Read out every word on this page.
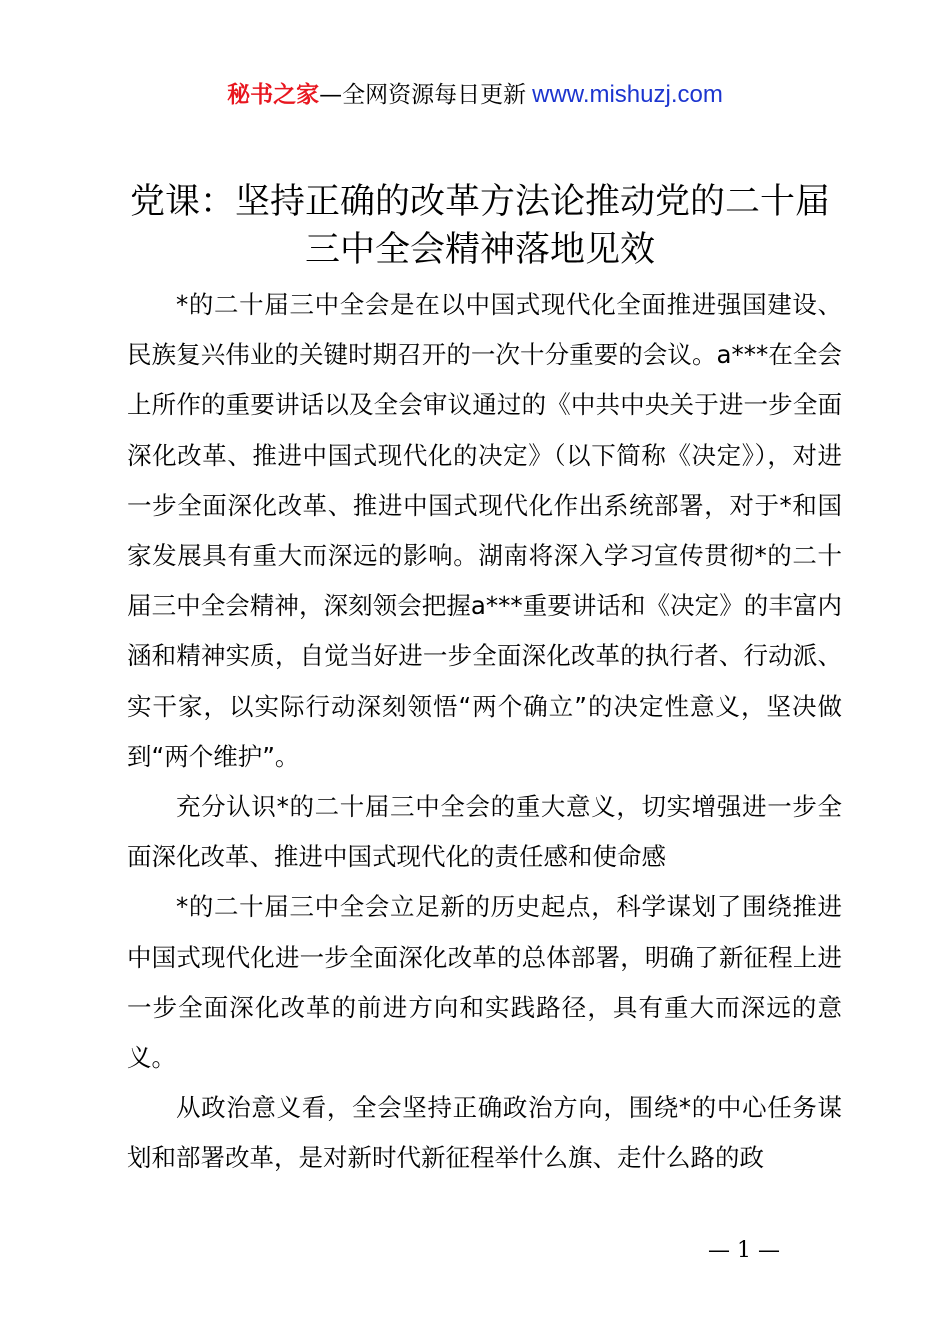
秘书之家—全网资源每日更新 www.mishuzj.com
党课：坚持正确的改革方法论推动党的二十届
三中全会精神落地见效

*的二十届三中全会是在以中国式现代化全面推进强国建设、民族复兴伟业的关键时期召开的一次十分重要的会议。a***在全会上所作的重要讲话以及全会审议通过的《中共中央关于进一步全面深化改革、推进中国式现代化的决定》（以下简称《决定》），对进一步全面深化改革、推进中国式现代化作出系统部署，对于*和国家发展具有重大而深远的影响。湖南将深入学习宣传贯彻*的二十届三中全会精神，深刻领会把握a***重要讲话和《决定》的丰富内涵和精神实质，自觉当好进一步全面深化改革的执行者、行动派、实干家，以实际行动深刻领悟“两个确立”的决定性意义，坚决做到“两个维护”。

充分认识*的二十届三中全会的重大意义，切实增强进一步全面深化改革、推进中国式现代化的责任感和使命感

*的二十届三中全会立足新的历史起点，科学谋划了围绕推进中国式现代化进一步全面深化改革的总体部署，明确了新征程上进一步全面深化改革的前进方向和实践路径，具有重大而深远的意义。

从政治意义看，全会坚持正确政治方向，围绕*的中心任务谋划和部署改革，是对新时代新征程举什么旗、走什么路的政

— 1 —
